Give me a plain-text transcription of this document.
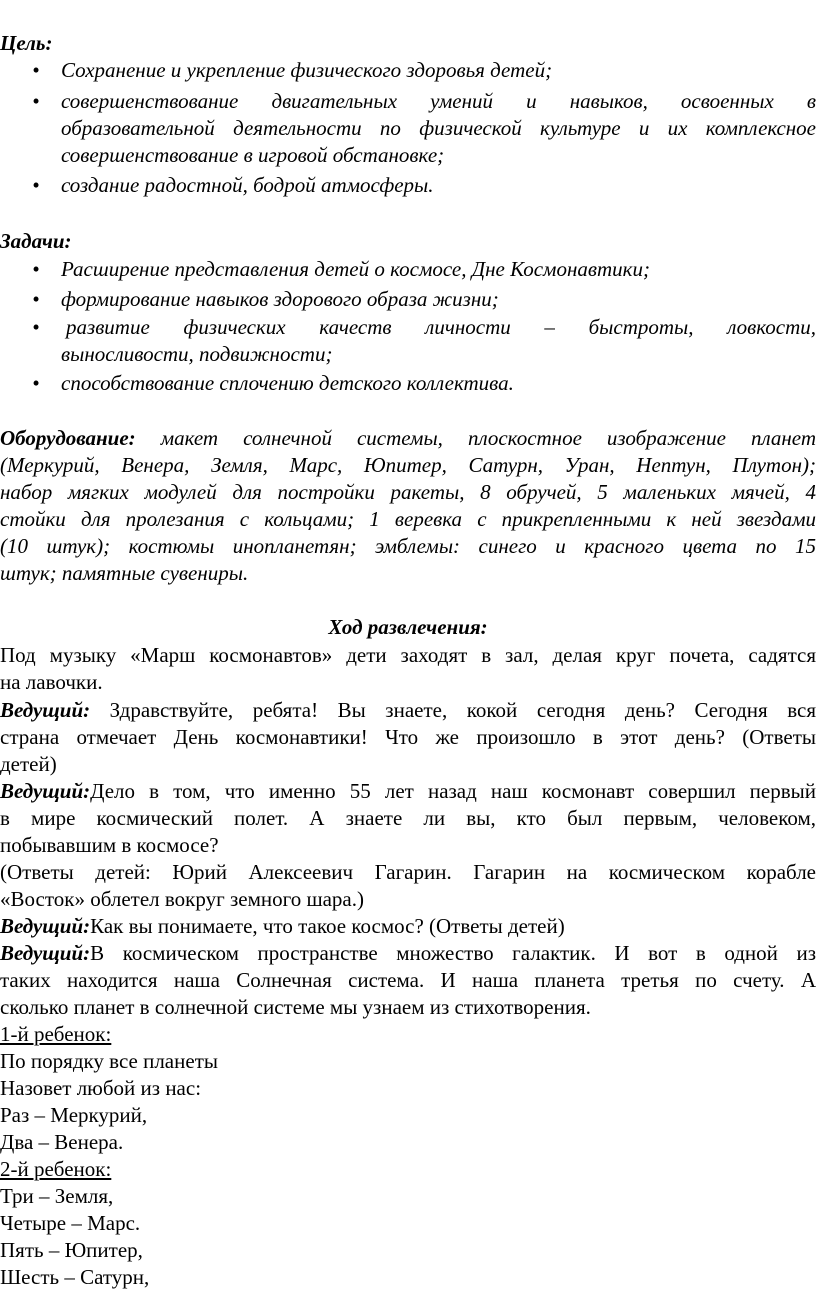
Цель:
• Сохранение и укрепление физического здоровья детей;
• совершенствование двигательных умений и навыков, освоенных в
образовательной деятельности по физической культуре и их комплексное
совершенствование в игровой обстановке;
• создание радостной, бодрой атмосферы.
Задачи:
• Расширение представления детей о космосе, Дне Космонавтики;
• формирование навыков здорового образа жизни;
• развитие физических качеств личности – быстроты, ловкости,
выносливости, подвижности;
• способствование сплочению детского коллектива.
Оборудование: макет солнечной системы, плоскостное изображение планет
(Меркурий, Венера, Земля, Марс, Юпитер, Сатурн, Уран, Нептун, Плутон);
набор мягких модулей для постройки ракеты, 8 обручей, 5 маленьких мячей, 4
стойки для пролезания с кольцами; 1 веревка с прикрепленными к ней звездами
(10 штук); костюмы инопланетян; эмблемы: синего и красного цвета по 15
штук; памятные сувениры.
Ход развлечения:
Под музыку «Марш космонавтов» дети заходят в зал, делая круг почета, садятся
на лавочки.
Ведущий: Здравствуйте, ребята! Вы знаете, кокой сегодня день? Сегодня вся
страна отмечает День космонавтики! Что же произошло в этот день? (Ответы
детей)
Ведущий:Дело в том, что именно 55 лет назад наш космонавт совершил первый
в мире космический полет. А знаете ли вы, кто был первым, человеком,
побывавшим в космосе?
(Ответы детей: Юрий Алексеевич Гагарин. Гагарин на космическом корабле
«Восток» облетел вокруг земного шара.)
Ведущий:Как вы понимаете, что такое космос? (Ответы детей)
Ведущий:В космическом пространстве множество галактик. И вот в одной из
таких находится наша Солнечная система. И наша планета третья по счету. А
сколько планет в солнечной системе мы узнаем из стихотворения.
1-й ребенок:
По порядку все планеты
Назовет любой из нас:
Раз – Меркурий,
Два – Венера.
2-й ребенок:
Три – Земля,
Четыре – Марс.
Пять – Юпитер,
Шесть – Сатурн,
